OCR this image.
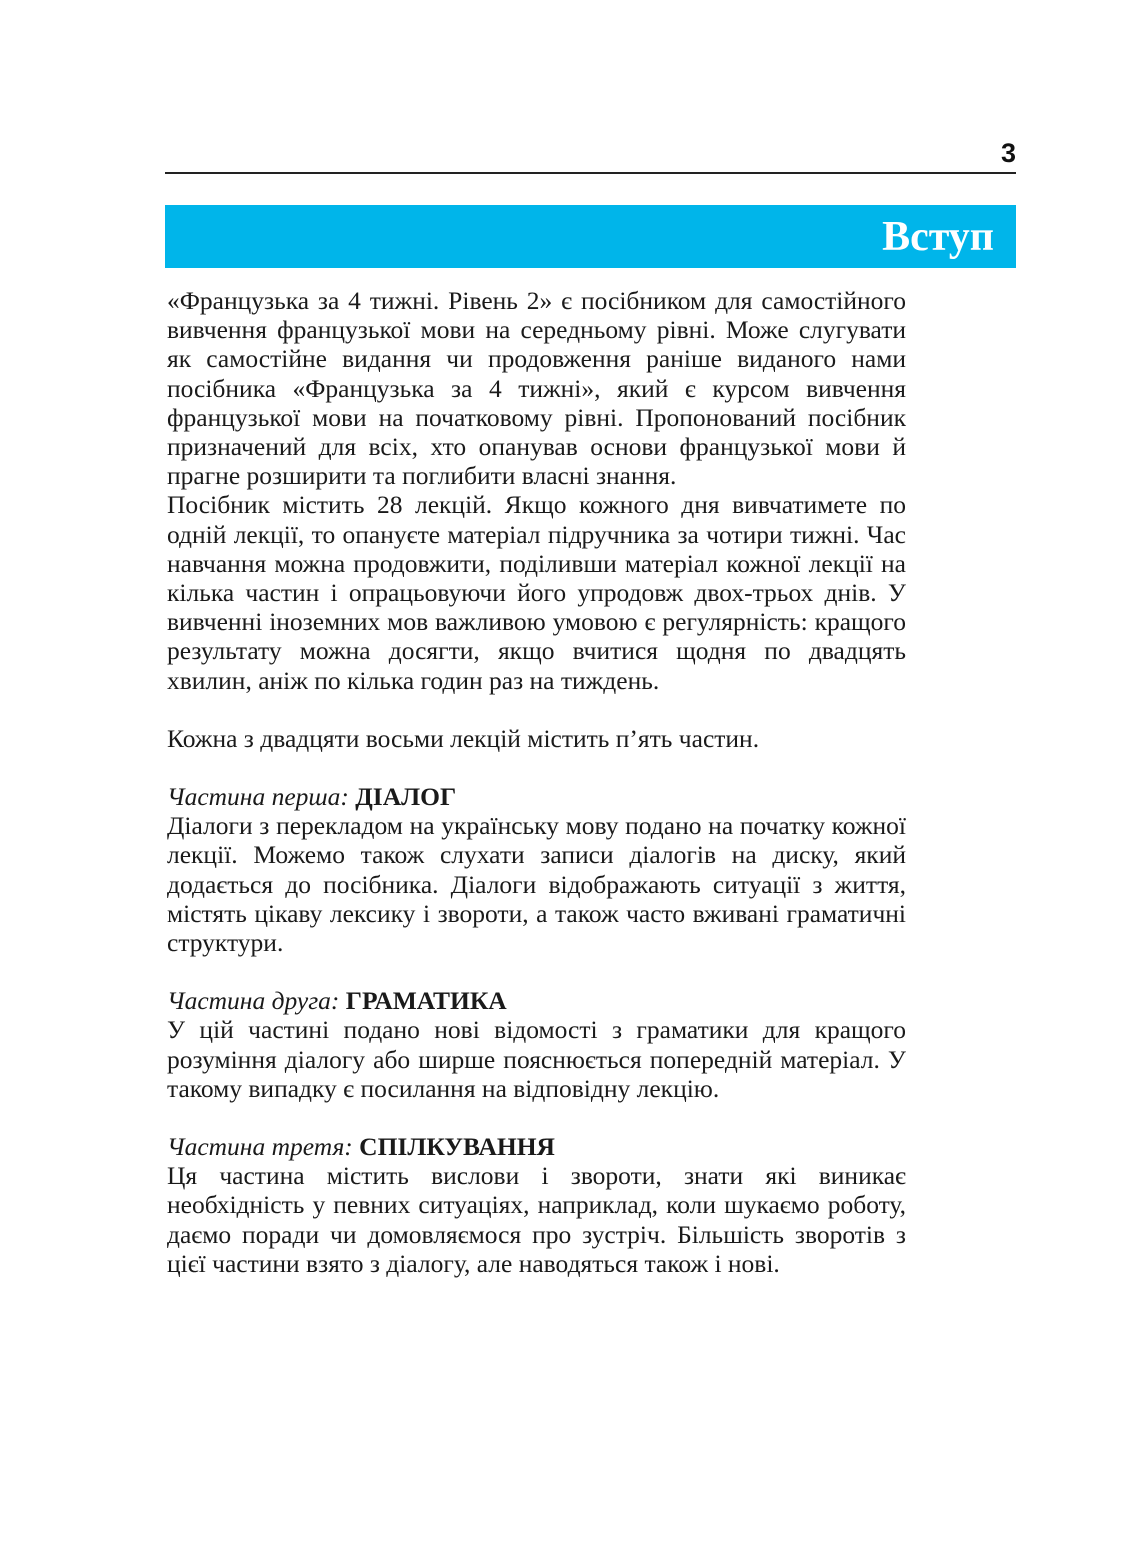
3
Вступ

«Французька за 4 тижні. Рівень 2» є посібником для самостійного вивчення французької мови на середньому рівні. Може слугувати як самостійне видання чи продовження раніше виданого нами посібника «Французька за 4 тижні», який є курсом вивчення французької мови на початковому рівні. Пропонований посібник призначений для всіх, хто опанував основи французької мови й прагне розширити та поглибити власні знання.

Посібник містить 28 лекцій. Якщо кожного дня вивчатимете по одній лекції, то опануєте матеріал підручника за чотири тижні. Час навчання можна продовжити, поділивши матеріал кожної лекції на кілька частин і опрацьовуючи його упродовж двох-трьох днів. У вивченні іноземних мов важливою умовою є регулярність: кращого результату можна досягти, якщо вчитися щодня по двадцять хвилин, аніж по кілька годин раз на тиждень.

Кожна з двадцяти восьми лекцій містить п’ять частин.

Частина перша: ДІАЛОГ

Діалоги з перекладом на українську мову подано на початку кожної лекції. Можемо також слухати записи діалогів на диску, який додається до посібника. Діалоги відображають ситуації з життя, містять цікаву лексику і звороти, а також часто вживані граматичні структури.

Частина друга: ГРАМАТИКА

У цій частині подано нові відомості з граматики для кращого розуміння діалогу або ширше пояснюється попередній матеріал. У такому випадку є посилання на відповідну лекцію.

Частина третя: СПІЛКУВАННЯ

Ця частина містить вислови і звороти, знати які виникає необхідність у певних ситуаціях, наприклад, коли шукаємо роботу, даємо поради чи домовляємося про зустріч. Більшість зворотів з цієї частини взято з діалогу, але наводяться також і нові.
